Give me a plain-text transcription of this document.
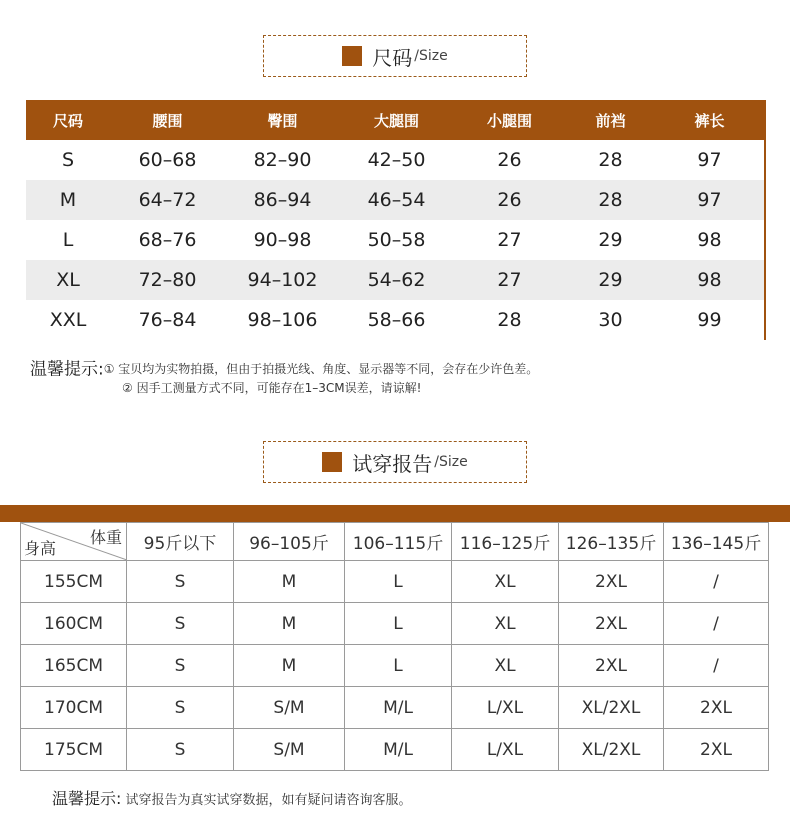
尺码 /Size
尺码	腰围	臀围	大腿围	小腿围	前裆	裤长
S	60–68	82–90	42–50	26	28	97
M	64–72	86–94	46–54	26	28	97
L	68–76	90–98	50–58	27	29	98
XL	72–80	94–102	54–62	27	29	98
XXL	76–84	98–106	58–66	28	30	99
温馨提示:① 宝贝均为实物拍摄，但由于拍摄光线、角度、显示器等不同，会存在少许色差。
② 因手工测量方式不同，可能存在1–3CM误差，请谅解!
试穿报告 /Size
体重
身高	95斤以下	96–105斤	106–115斤	116–125斤	126–135斤	136–145斤
155CM	S	M	L	XL	2XL	/
160CM	S	M	L	XL	2XL	/
165CM	S	M	L	XL	2XL	/
170CM	S	S/M	M/L	L/XL	XL/2XL	2XL
175CM	S	S/M	M/L	L/XL	XL/2XL	2XL
温馨提示: 试穿报告为真实试穿数据，如有疑问请咨询客服。
